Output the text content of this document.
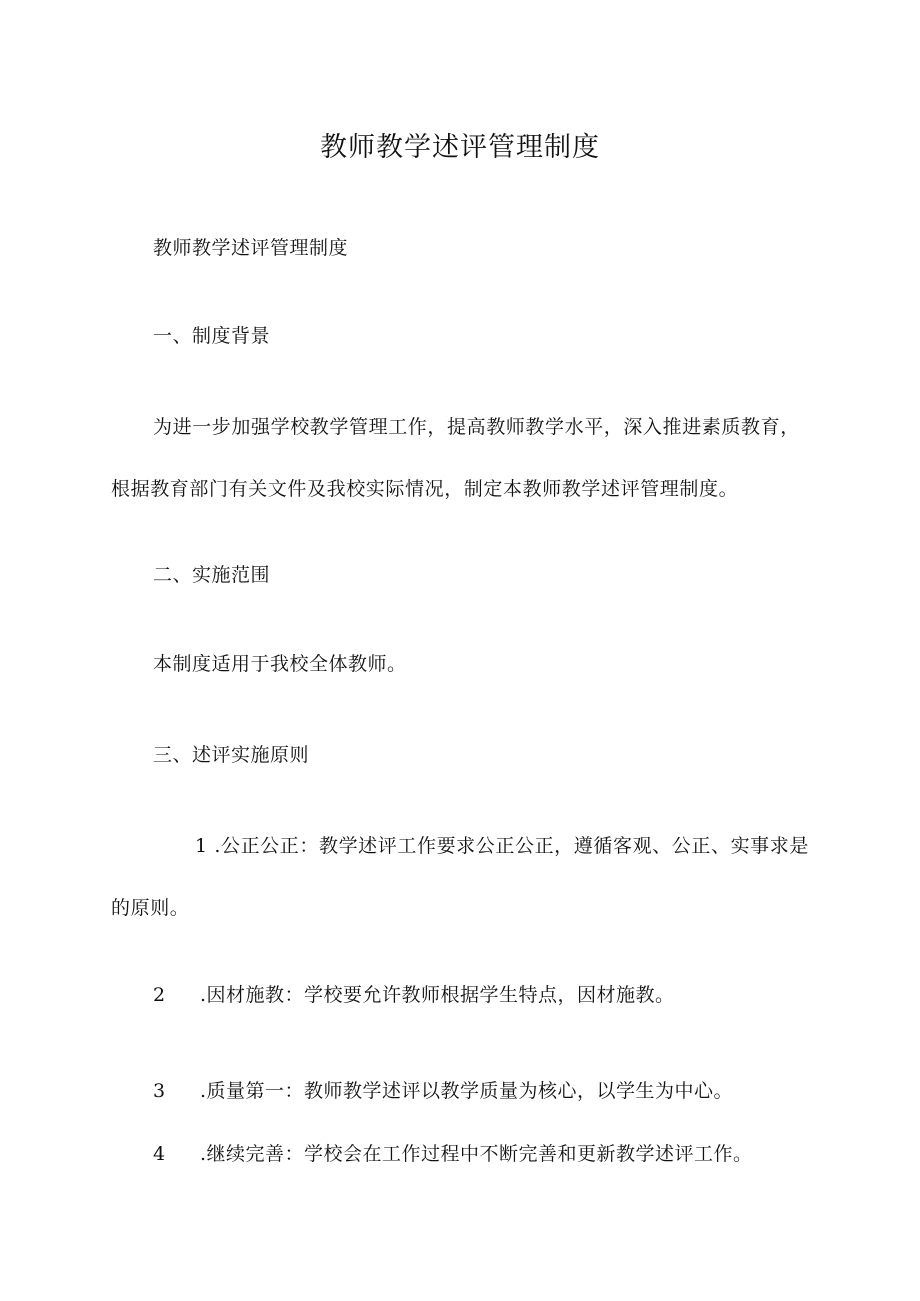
教师教学述评管理制度
教师教学述评管理制度
一、制度背景
为进一步加强学校教学管理工作，提高教师教学水平，深入推进素质教育，根据教育部门有关文件及我校实际情况，制定本教师教学述评管理制度。
二、实施范围
本制度适用于我校全体教师。
三、述评实施原则
1 .公正公正：教学述评工作要求公正公正，遵循客观、公正、实事求是的原则。
2 .因材施教：学校要允许教师根据学生特点，因材施教。
3 .质量第一：教师教学述评以教学质量为核心，以学生为中心。
4 .继续完善：学校会在工作过程中不断完善和更新教学述评工作。
